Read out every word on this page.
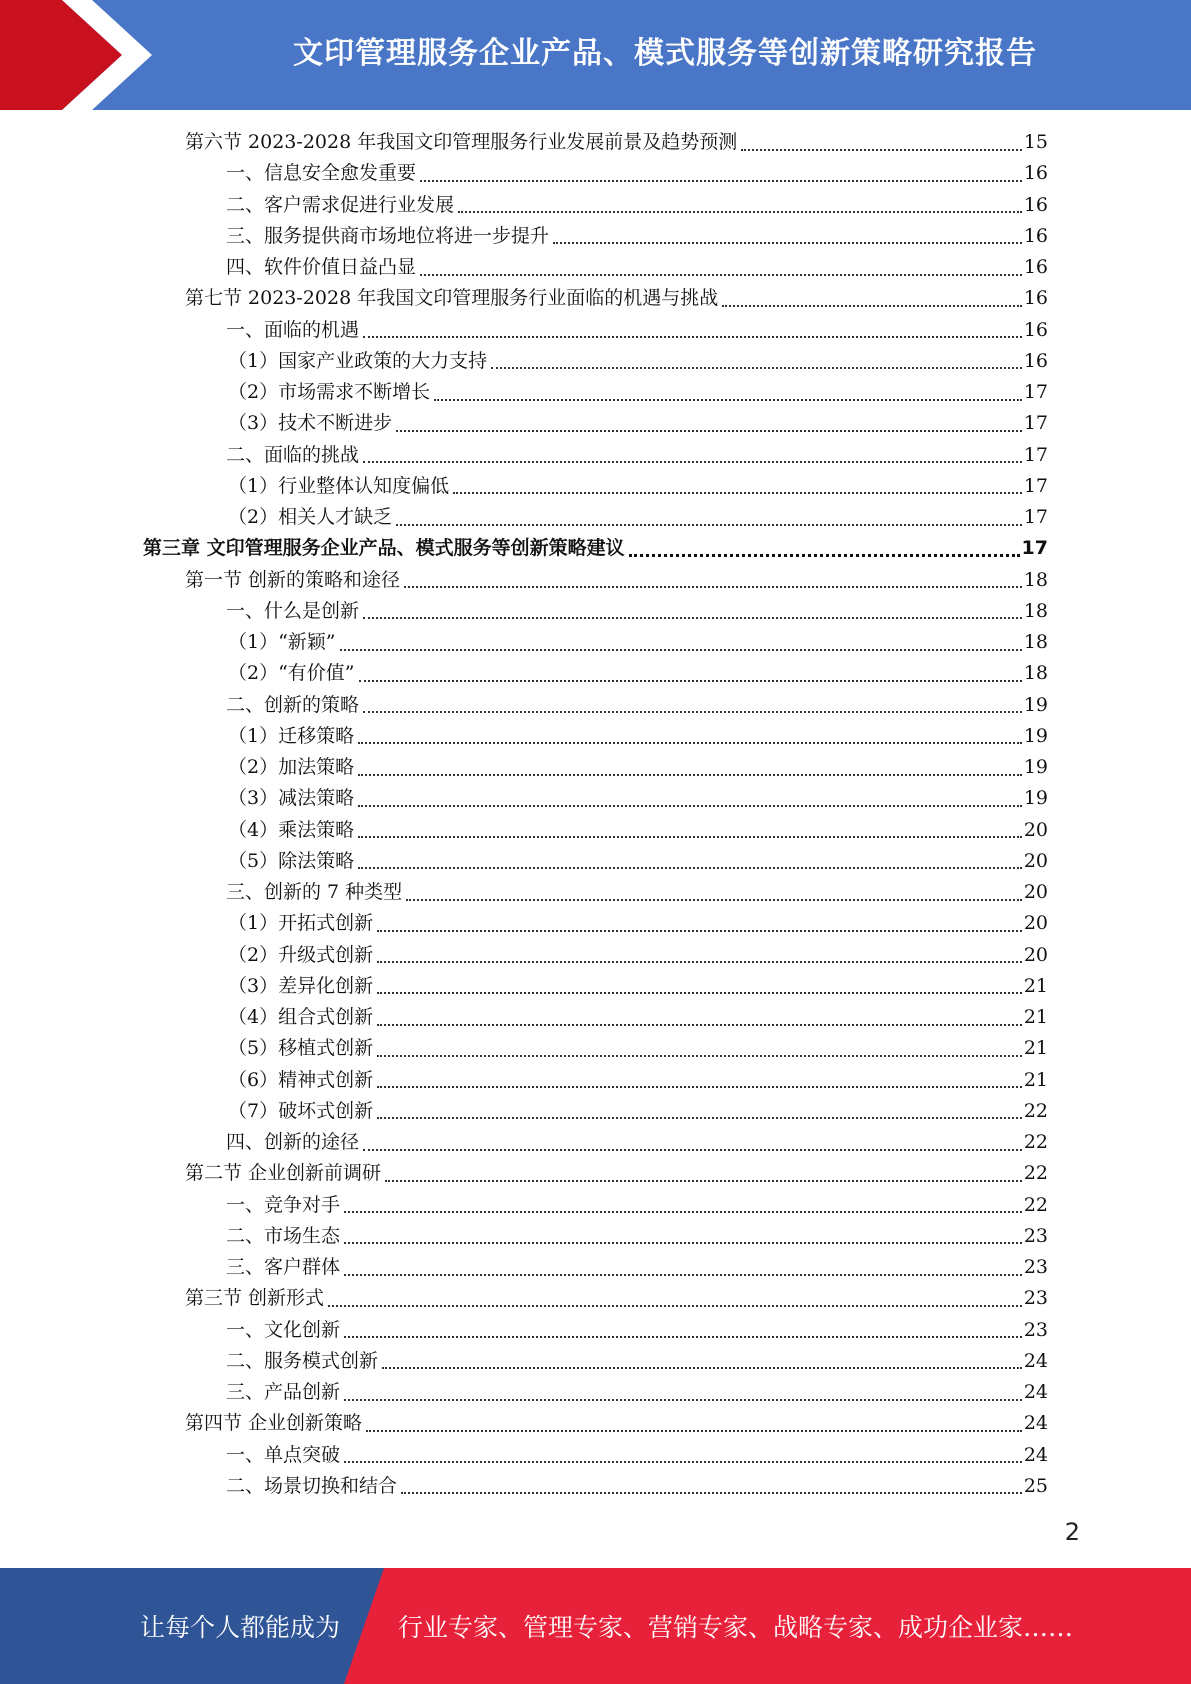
文印管理服务企业产品、模式服务等创新策略研究报告
第六节 2023-2028 年我国文印管理服务行业发展前景及趋势预测	15
一、信息安全愈发重要	16
二、客户需求促进行业发展	16
三、服务提供商市场地位将进一步提升	16
四、软件价值日益凸显	16
第七节 2023-2028 年我国文印管理服务行业面临的机遇与挑战	16
一、面临的机遇	16
（1）国家产业政策的大力支持	16
（2）市场需求不断增长	17
（3）技术不断进步	17
二、面临的挑战	17
（1）行业整体认知度偏低	17
（2）相关人才缺乏	17
第三章 文印管理服务企业产品、模式服务等创新策略建议	17
第一节 创新的策略和途径	18
一、什么是创新	18
（1）“新颖”	18
（2）“有价值”	18
二、创新的策略	19
（1）迁移策略	19
（2）加法策略	19
（3）减法策略	19
（4）乘法策略	20
（5）除法策略	20
三、创新的 7 种类型	20
（1）开拓式创新	20
（2）升级式创新	20
（3）差异化创新	21
（4）组合式创新	21
（5）移植式创新	21
（6）精神式创新	21
（7）破坏式创新	22
四、创新的途径	22
第二节 企业创新前调研	22
一、竞争对手	22
二、市场生态	23
三、客户群体	23
第三节 创新形式	23
一、文化创新	23
二、服务模式创新	24
三、产品创新	24
第四节 企业创新策略	24
一、单点突破	24
二、场景切换和结合	25
2
让每个人都能成为 行业专家、管理专家、营销专家、战略专家、成功企业家……
